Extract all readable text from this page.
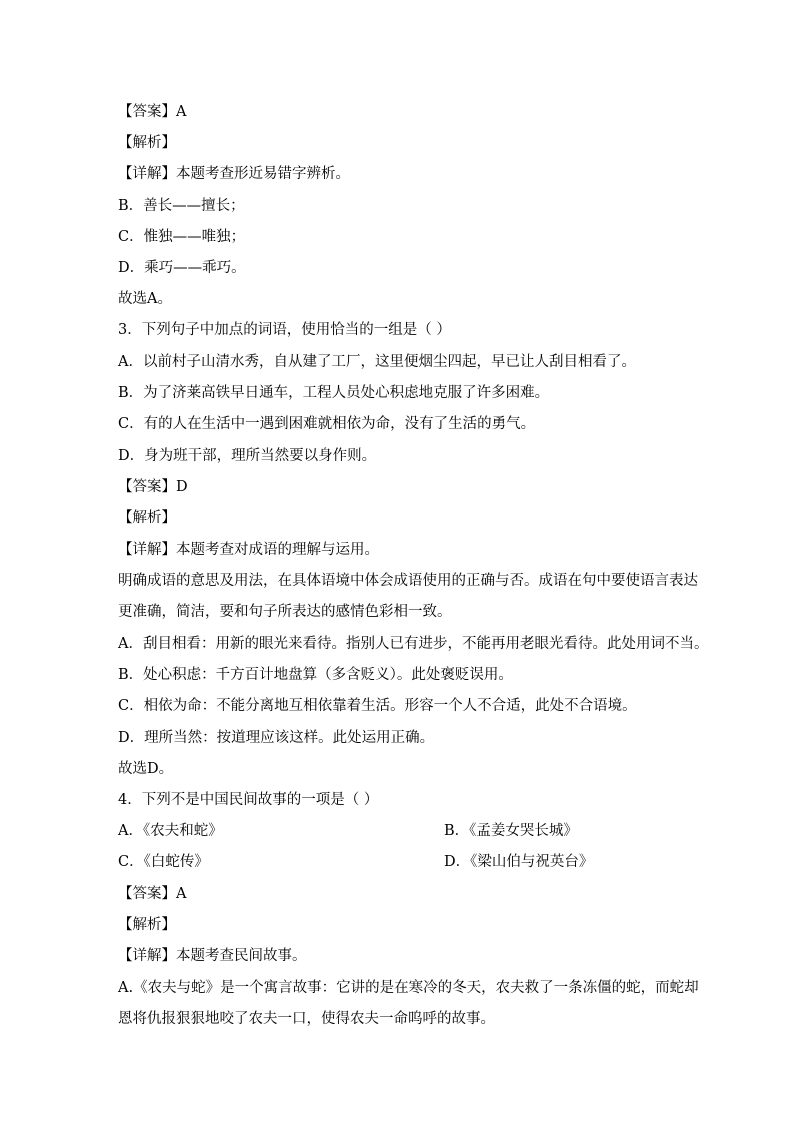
【答案】A
【解析】
【详解】本题考查形近易错字辨析。
B．善长——擅长；
C．惟独——唯独；
D．乘巧——乖巧。
故选A。
3．下列句子中加点的词语，使用恰当的一组是（ ）
A．以前村子山清水秀，自从建了工厂，这里便烟尘四起，早已让人刮目相看了。
B．为了济莱高铁早日通车，工程人员处心积虑地克服了许多困难。
C．有的人在生活中一遇到困难就相依为命，没有了生活的勇气。
D．身为班干部，理所当然要以身作则。
【答案】D
【解析】
【详解】本题考查对成语的理解与运用。
明确成语的意思及用法，在具体语境中体会成语使用的正确与否。成语在句中要使语言表达
更准确，简洁，要和句子所表达的感情色彩相一致。
A．刮目相看：用新的眼光来看待。指别人已有进步，不能再用老眼光看待。此处用词不当。
B．处心积虑：千方百计地盘算（多含贬义）。此处褒贬误用。
C．相依为命：不能分离地互相依靠着生活。形容一个人不合适，此处不合语境。
D．理所当然：按道理应该这样。此处运用正确。
故选D。
4．下列不是中国民间故事的一项是（ ）
A．《农夫和蛇》	B．《孟姜女哭长城》
C．《白蛇传》	D．《梁山伯与祝英台》
【答案】A
【解析】
【详解】本题考查民间故事。
A.《农夫与蛇》是一个寓言故事：它讲的是在寒冷的冬天，农夫救了一条冻僵的蛇，而蛇却
恩将仇报狠狠地咬了农夫一口，使得农夫一命呜呼的故事。
